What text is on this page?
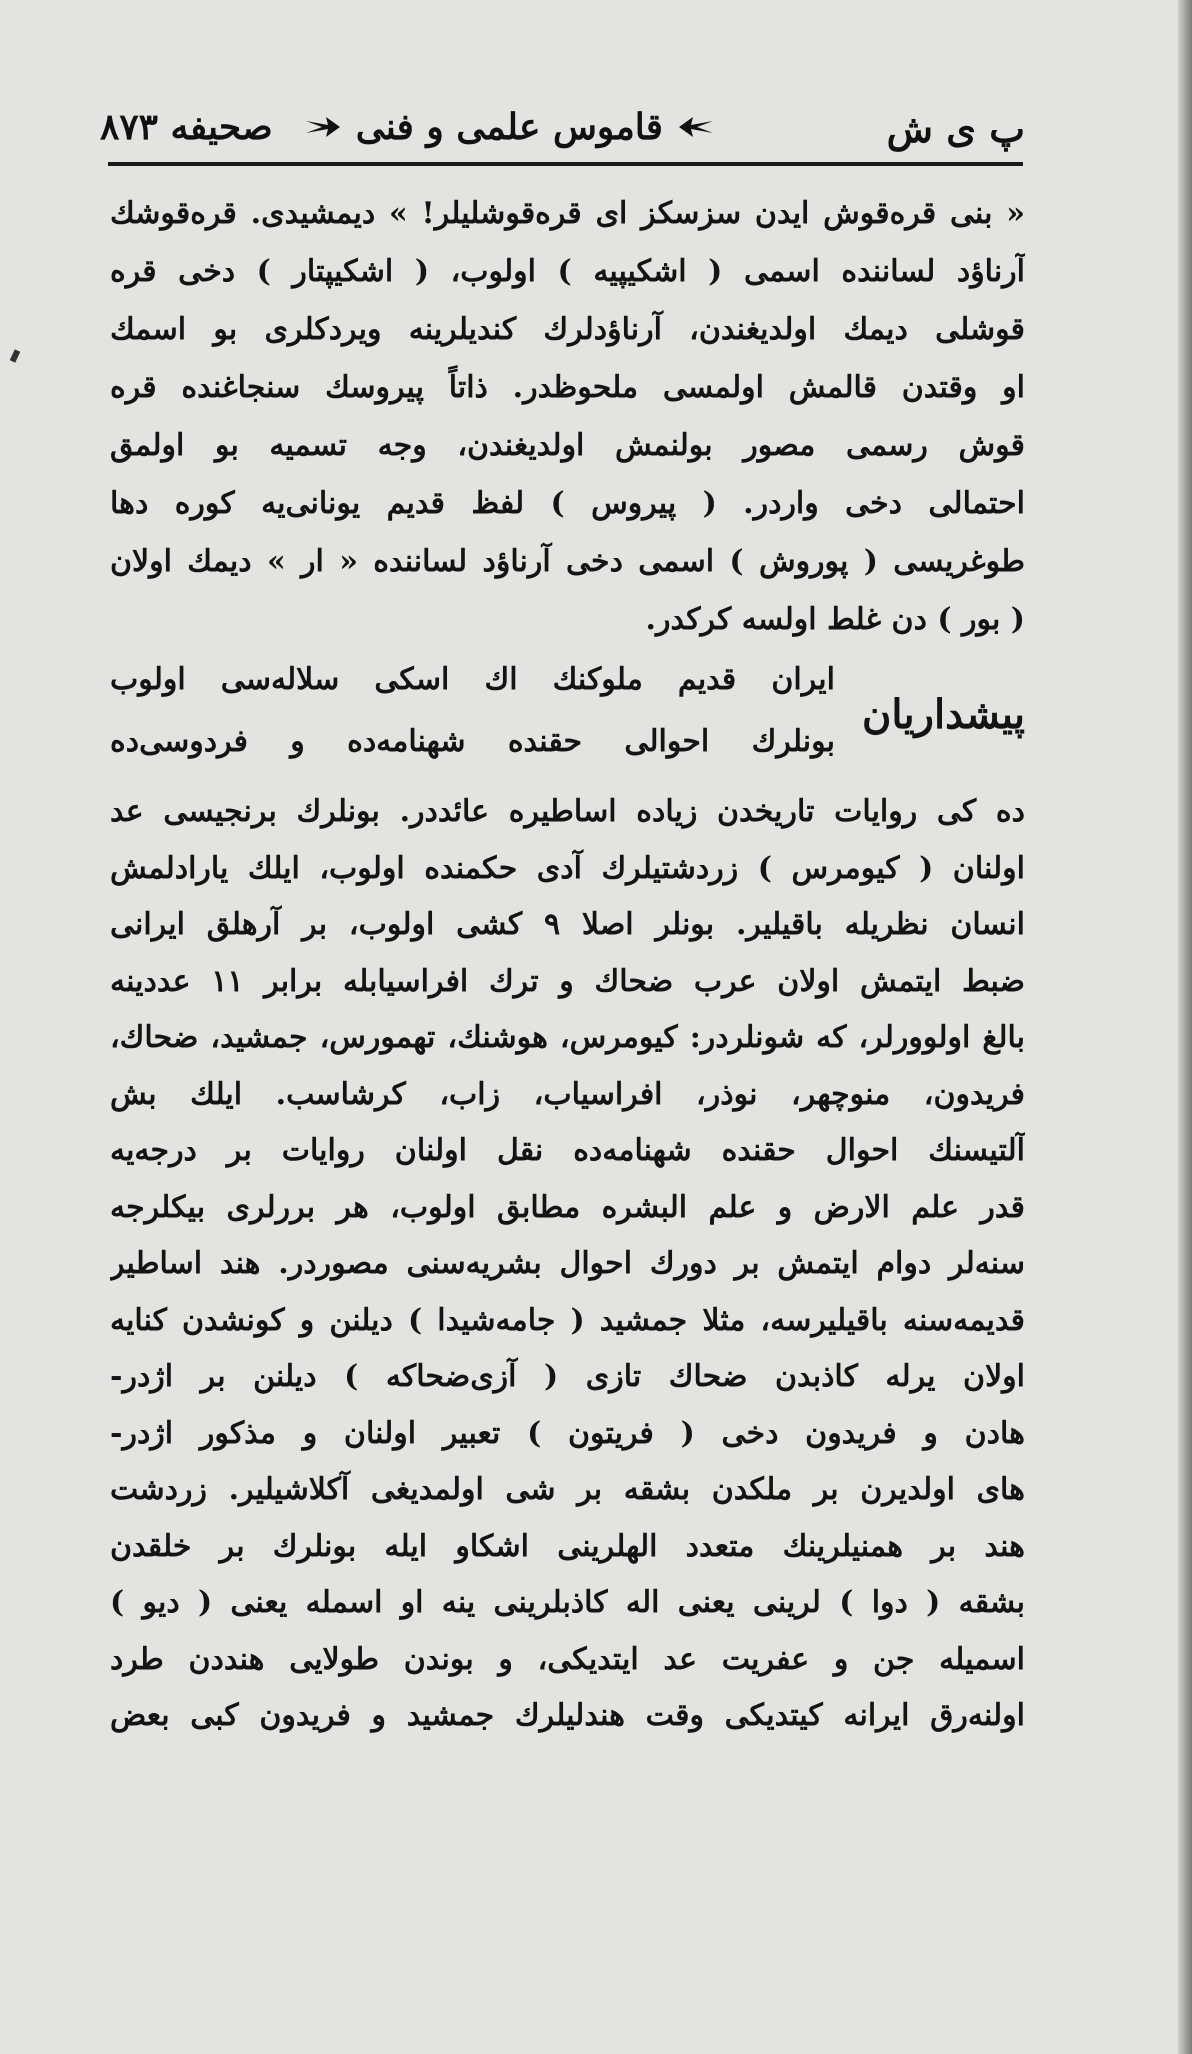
پ ی ش
قاموس علمی و فنی
صحیفه ۸۷۳
« بنی قره‌قوش ایدن سزسکز ای قره‌قوشلیلر! » دیمشیدی. قره‌قوشك
آرناؤد لساننده اسمی ( اشکیپیه ) اولوب، ( اشکیپتار ) دخی قره
قوشلی دیمك اولدیغندن، آرناؤدلرك کندیلرینه ویردکلری بو اسمك
او وقتدن قالمش اولمسی ملحوظدر. ذاتاً پیروسك سنجاغنده قره
قوش رسمی مصور بولنمش اولدیغندن، وجه تسمیه بو اولمق
احتمالی دخی واردر. ( پیروس ) لفظ قدیم یونانی‌یه کوره دها
طوغریسی ( پوروش ) اسمی دخی آرناؤد لساننده « ار » دیمك اولان
( بور ) دن غلط اولسه کرکدر.
پیشداریان
ایران قدیم ملوکنك اك اسکی سلاله‌سی اولوب
بونلرك احوالی حقنده شهنامه‌ده و فردوسی‌ده
ده کی روایات تاریخدن زیاده اساطیره عائددر. بونلرك برنجیسی عد
اولنان ( کیومرس ) زردشتیلرك آدی حکمنده اولوب، ایلك یارادلمش
انسان نظریله باقیلیر. بونلر اصلا ۹ کشی اولوب، بر آرهلق ایرانی
ضبط ایتمش اولان عرب ضحاك و ترك افراسیابله برابر ۱۱ عددینه
بالغ اولوورلر، که شونلردر: کیومرس، هوشنك، تهمورس، جمشید، ضحاك،
فریدون، منوچهر، نوذر، افراسیاب، زاب، کرشاسب. ایلك بش
آلتیسنك احوال حقنده شهنامه‌ده نقل اولنان روایات بر درجه‌یه
قدر علم الارض و علم البشره مطابق اولوب، هر بررلری بیکلرجه
سنه‌لر دوام ایتمش بر دورك احوال بشریه‌سنی مصوردر. هند اساطیر
قدیمه‌سنه باقیلیرسه، مثلا جمشید ( جامه‌شیدا ) دیلنن و کونشدن کنایه
اولان یرله کاذبدن ضحاك تازی ( آزی‌ضحاکه ) دیلنن بر اژدر-
هادن و فریدون دخی ( فریتون ) تعبیر اولنان و مذکور اژدر-
های اولدیرن بر ملکدن بشقه بر شی اولمدیغی آکلاشیلیر. زردشت
هند بر همنیلرینك متعدد الهلرینی اشکاو ایله بونلرك بر خلقدن
بشقه ( دوا ) لرینی یعنی اله کاذبلرینی ینه او اسمله یعنی ( دیو )
اسمیله جن و عفریت عد ایتدیکی، و بوندن طولایی هنددن طرد
اولنه‌رق ایرانه کیتدیکی وقت هندلیلرك جمشید و فریدون کبی بعض
